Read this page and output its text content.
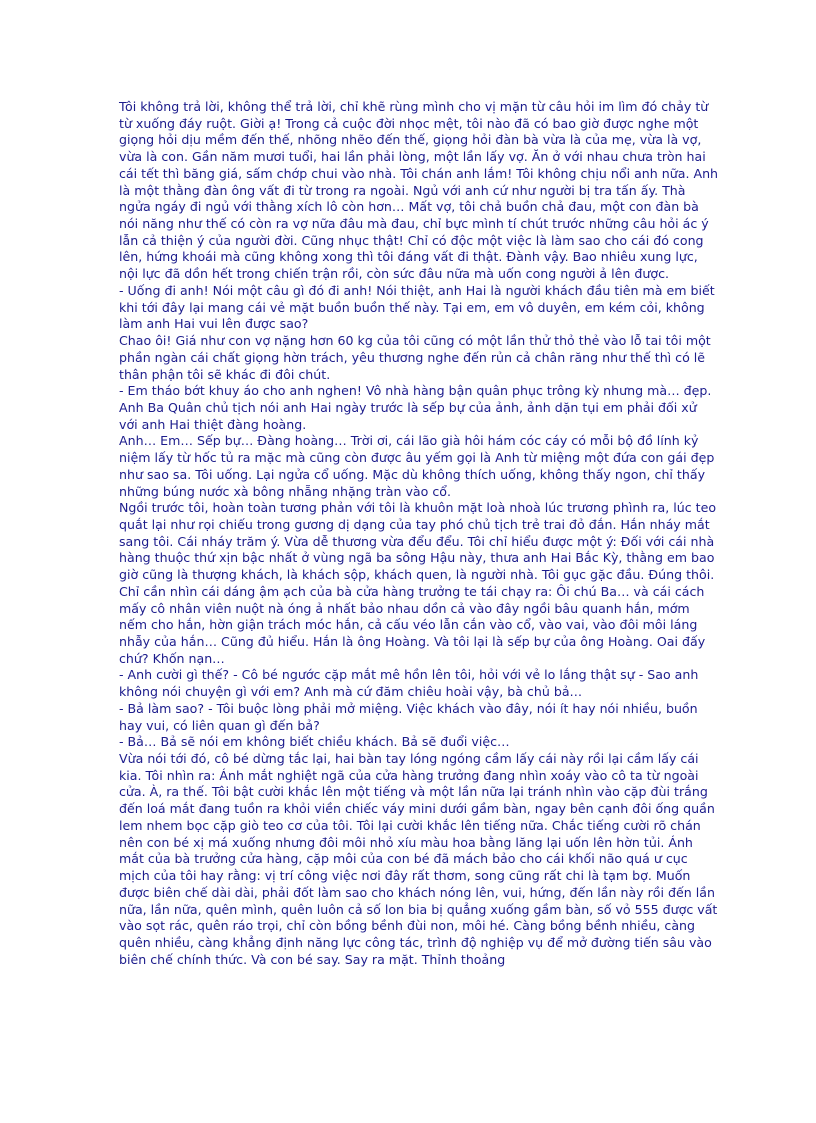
Tôi không trả lời, không thể trả lời, chỉ khẽ rùng mình cho vị mặn từ câu hỏi im lìm đó chảy từ từ xuống đáy ruột. Giời ạ! Trong cả cuộc đời nhọc mệt, tôi nào đã có bao giờ được nghe một giọng hỏi dịu mềm đến thế, nhõng nhẽo đến thế, giọng hỏi đàn bà vừa là của mẹ, vừa là vợ, vừa là con. Gần năm mươi tuổi, hai lần phải lòng, một lần lấy vợ. Ăn ở với nhau chưa tròn hai cái tết thì băng giá, sấm chớp chui vào nhà. Tôi chán anh lắm! Tôi không chịu nổi anh nữa. Anh là một thằng đàn ông vất đi từ trong ra ngoài. Ngủ với anh cứ như người bị tra tấn ấy. Thà ngửa ngáy đi ngủ với thằng xích lô còn hơn… Mất vợ, tôi chả buồn chả đau, một con đàn bà nói năng như thế có còn ra vợ nữa đâu mà đau, chỉ bực mình tí chút trước những câu hỏi ác ý lẫn cả thiện ý của người đời. Cũng nhục thật! Chỉ có độc một việc là làm sao cho cái đó cong lên, hứng khoái mà cũng không xong thì tôi đáng vất đi thật. Đành vậy. Bao nhiêu xung lực, nội lực đã dồn hết trong chiến trận rồi, còn sức đâu nữa mà uốn cong người ả lên được.

- Uống đi anh! Nói một câu gì đó đi anh! Nói thiệt, anh Hai là người khách đầu tiên mà em biết khi tới đây lại mang cái vẻ mặt buồn buồn thế này. Tại em, em vô duyên, em kém cỏi, không làm anh Hai vui lên được sao?

Chao ôi! Giá như con vợ nặng hơn 60 kg của tôi cũng có một lần thử thỏ thẻ vào lỗ tai tôi một phần ngàn cái chất giọng hờn trách, yêu thương nghe đến rủn cả chân răng như thế thì có lẽ thân phận tôi sẽ khác đi đôi chút.

- Em tháo bớt khuy áo cho anh nghen! Vô nhà hàng bận quân phục trông kỳ nhưng mà… đẹp. Anh Ba Quân chủ tịch nói anh Hai ngày trước là sếp bự của ảnh, ảnh dặn tụi em phải đối xử với anh Hai thiệt đàng hoàng.

Anh… Em… Sếp bự… Đàng hoàng… Trời ơi, cái lão già hôi hám cóc cáy có mỗi bộ đồ lính kỷ niệm lấy từ hốc tủ ra mặc mà cũng còn được âu yếm gọi là Anh từ miệng một đứa con gái đẹp như sao sa. Tôi uống. Lại ngửa cổ uống. Mặc dù không thích uống, không thấy ngon, chỉ thấy những búng nước xà bông nhẵng nhặng tràn vào cổ.

Ngồi trước tôi, hoàn toàn tương phản với tôi là khuôn mặt loà nhoà lúc trương phình ra, lúc teo quắt lại như rọi chiếu trong gương dị dạng của tay phó chủ tịch trẻ trai đỏ đắn. Hắn nháy mắt sang tôi. Cái nháy trăm ý. Vừa dễ thương vừa đểu đểu. Tôi chỉ hiểu được một ý: Đối với cái nhà hàng thuộc thứ xịn bậc nhất ở vùng ngã ba sông Hậu này, thưa anh Hai Bắc Kỳ, thằng em bao giờ cũng là thượng khách, là khách sộp, khách quen, là người nhà. Tôi gục gặc đầu. Đúng thôi. Chỉ cần nhìn cái dáng ậm ạch của bà cửa hàng trưởng te tái chạy ra: Ôi chú Ba… và cái cách mấy cô nhân viên nuột nà óng ả nhất bảo nhau dồn cả vào đây ngồi bâu quanh hắn, mớm nếm cho hắn, hờn giận trách móc hắn, cả cấu véo lẫn cắn vào cổ, vào vai, vào đôi môi láng nhẫy của hắn… Cũng đủ hiểu. Hắn là ông Hoàng. Và tôi lại là sếp bự của ông Hoàng. Oai đấy chứ? Khốn nạn…

- Anh cười gì thế? - Cô bé ngước cặp mắt mê hồn lên tôi, hỏi với vẻ lo lắng thật sự - Sao anh không nói chuyện gì với em? Anh mà cứ đăm chiêu hoài vậy, bà chủ bả…

- Bả làm sao? - Tôi buộc lòng phải mở miệng. Việc khách vào đây, nói ít hay nói nhiều, buồn hay vui, có liên quan gì đến bả?

- Bả… Bả sẽ nói em không biết chiều khách. Bả sẽ đuổi việc…

Vừa nói tới đó, cô bé dừng tắc lại, hai bàn tay lóng ngóng cầm lấy cái này rồi lại cầm lấy cái kia. Tôi nhìn ra: Ánh mắt nghiệt ngã của cửa hàng trưởng đang nhìn xoáy vào cô ta từ ngoài cửa. À, ra thế. Tôi bật cười khắc lên một tiếng và một lần nữa lại tránh nhìn vào cặp đùi trắng đến loá mắt đang tuồn ra khỏi viền chiếc váy mini dưới gầm bàn, ngay bên cạnh đôi ống quần lem nhem bọc cặp giò teo cơ của tôi. Tôi lại cười khắc lên tiếng nữa. Chắc tiếng cười rõ chán nên con bé xị má xuống nhưng đôi môi nhỏ xíu màu hoa bằng lăng lại uốn lên hờn tủi. Ánh mắt của bà trưởng cửa hàng, cặp môi của con bé đã mách bảo cho cái khối não quá ư cục mịch của tôi hay rằng: vị trí công việc nơi đây rất thơm, song cũng rất chi là tạm bợ. Muốn được biên chế dài dài, phải đốt làm sao cho khách nóng lên, vui, hứng, đến lần này rồi đến lần nữa, lần nữa, quên mình, quên luôn cả số lon bia bị quẳng xuống gầm bàn, số vỏ 555 được vất vào sọt rác, quên ráo trọi, chỉ còn bồng bềnh đùi non, môi hé. Càng bồng bềnh nhiều, càng quên nhiều, càng khẳng định năng lực công tác, trình độ nghiệp vụ để mở đường tiến sâu vào biên chế chính thức. Và con bé say. Say ra mặt. Thỉnh thoảng
